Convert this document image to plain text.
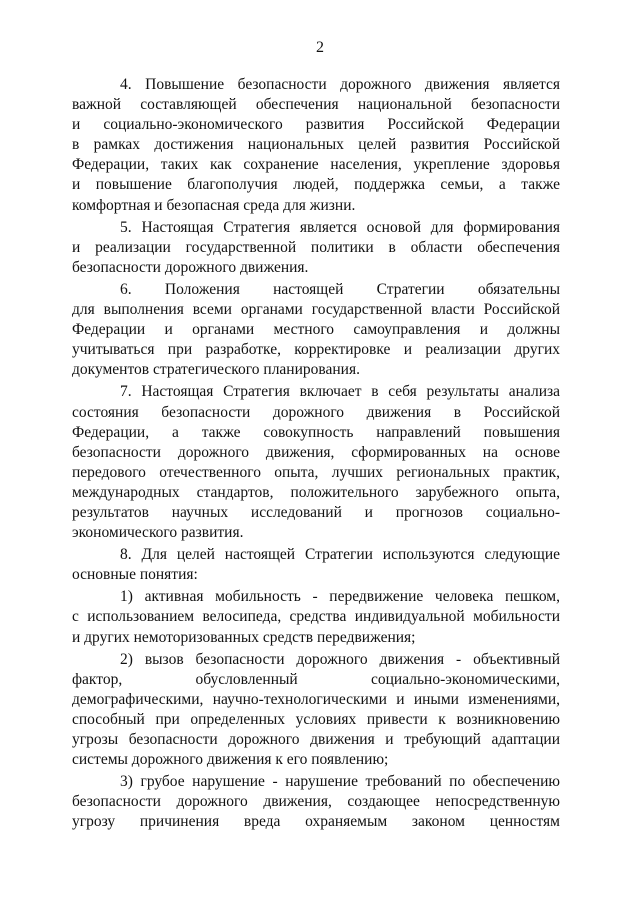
2
4. Повышение безопасности дорожного движения является
важной составляющей обеспечения национальной безопасности
и социально-экономического развития Российской Федерации
в рамках достижения национальных целей развития Российской
Федерации, таких как сохранение населения, укрепление здоровья
и повышение благополучия людей, поддержка семьи, а также
комфортная и безопасная среда для жизни.
5. Настоящая Стратегия является основой для формирования
и реализации государственной политики в области обеспечения
безопасности дорожного движения.
6. Положения настоящей Стратегии обязательны
для выполнения всеми органами государственной власти Российской
Федерации и органами местного самоуправления и должны
учитываться при разработке, корректировке и реализации других
документов стратегического планирования.
7. Настоящая Стратегия включает в себя результаты анализа
состояния безопасности дорожного движения в Российской
Федерации, а также совокупность направлений повышения
безопасности дорожного движения, сформированных на основе
передового отечественного опыта, лучших региональных практик,
международных стандартов, положительного зарубежного опыта,
результатов научных исследований и прогнозов социально-
экономического развития.
8. Для целей настоящей Стратегии используются следующие
основные понятия:
1) активная мобильность - передвижение человека пешком,
с использованием велосипеда, средства индивидуальной мобильности
и других немоторизованных средств передвижения;
2) вызов безопасности дорожного движения - объективный
фактор, обусловленный социально-экономическими,
демографическими, научно-технологическими и иными изменениями,
способный при определенных условиях привести к возникновению
угрозы безопасности дорожного движения и требующий адаптации
системы дорожного движения к его появлению;
3) грубое нарушение - нарушение требований по обеспечению
безопасности дорожного движения, создающее непосредственную
угрозу причинения вреда охраняемым законом ценностям
